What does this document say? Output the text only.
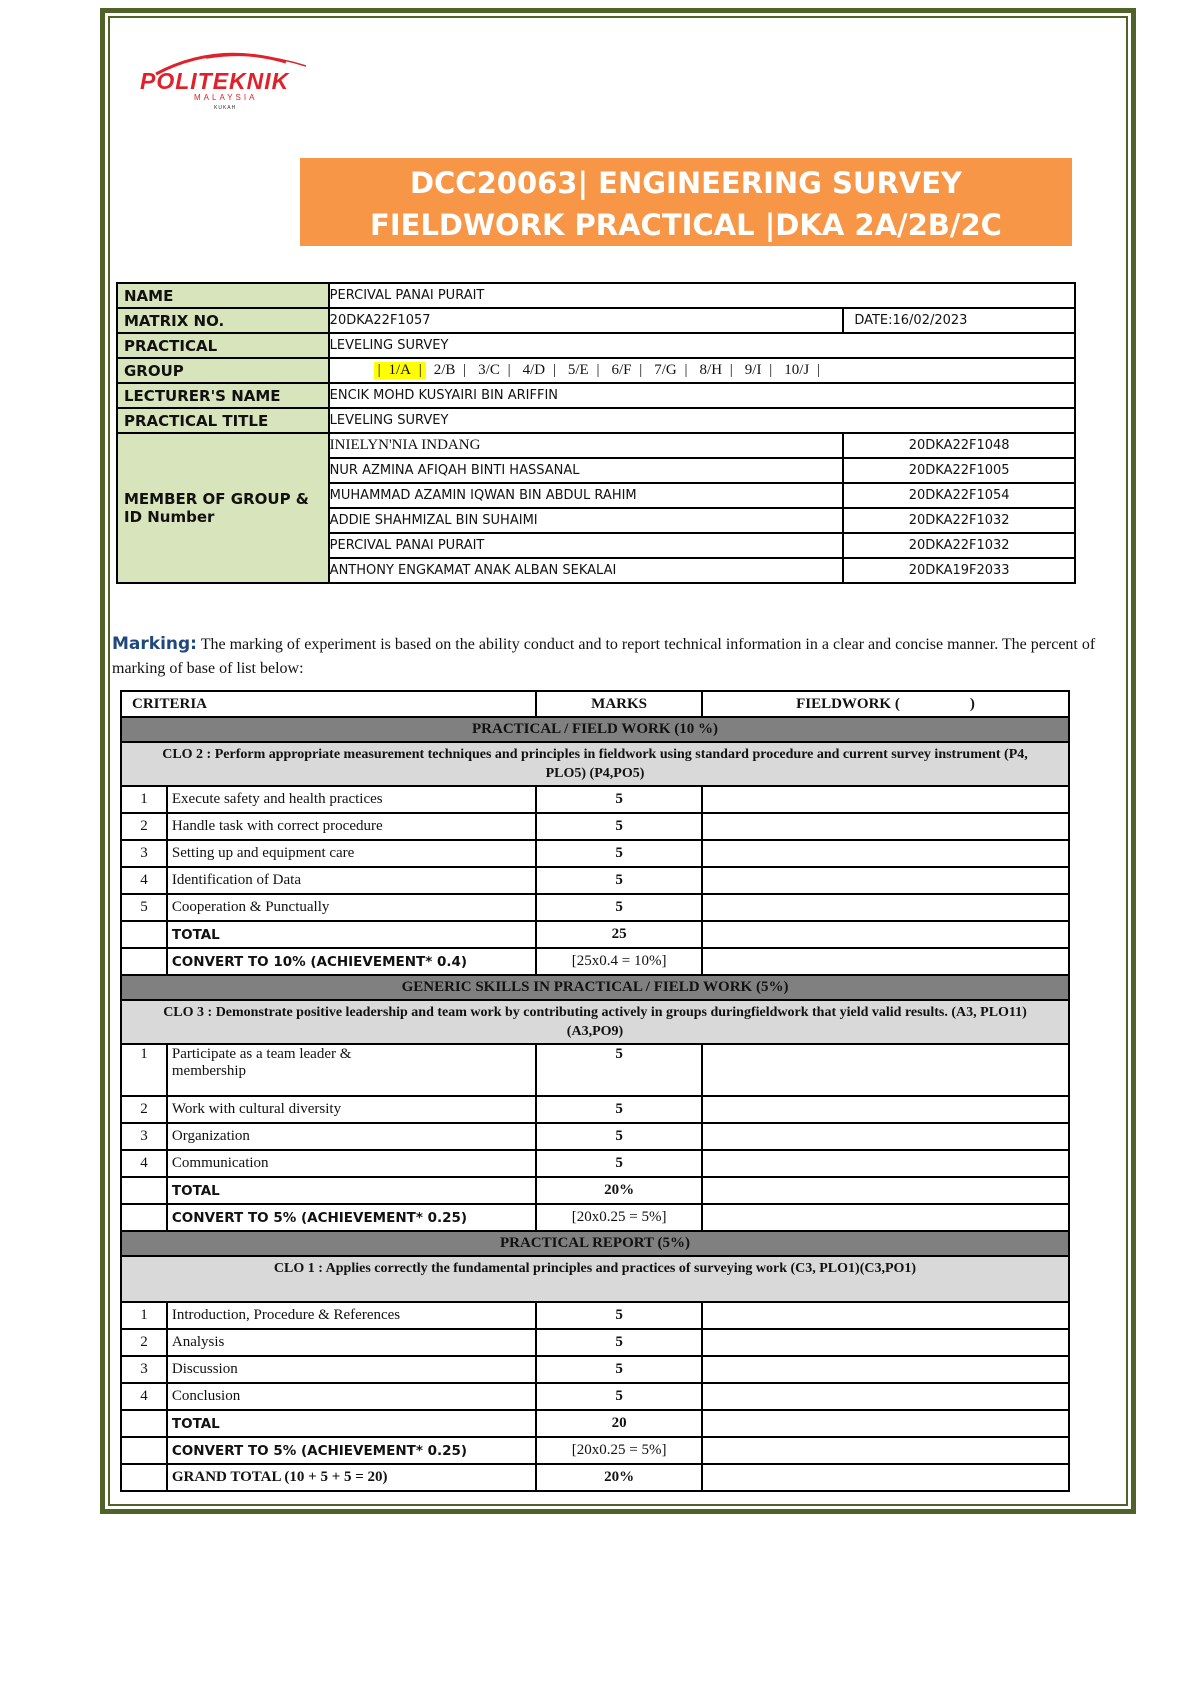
POLITEKNIK
MALAYSIA
KUKAH
DCC20063| ENGINEERING SURVEY
FIELDWORK PRACTICAL |DKA 2A/2B/2C
NAME	PERCIVAL PANAI PURAIT	
MATRIX NO.	20DKA22F1057	DATE:16/02/2023
PRACTICAL	LEVELING SURVEY	
GROUP	| 1/A | 2/B | 3/C | 4/D | 5/E | 6/F | 7/G | 8/H | 9/I | 10/J |	
LECTURER'S NAME	ENCIK MOHD KUSYAIRI BIN ARIFFIN	
PRACTICAL TITLE	LEVELING SURVEY	
MEMBER OF GROUP & ID Number	INIELYN'NIA INDANG	20DKA22F1048
	NUR AZMINA AFIQAH BINTI HASSANAL	20DKA22F1005
	MUHAMMAD AZAMIN IQWAN BIN ABDUL RAHIM	20DKA22F1054
	ADDIE SHAHMIZAL BIN SUHAIMI	20DKA22F1032
	PERCIVAL PANAI PURAIT	20DKA22F1032
	ANTHONY ENGKAMAT ANAK ALBAN SEKALAI	20DKA19F2033
Marking: The marking of experiment is based on the ability conduct and to report technical information in a clear and concise manner. The percent of marking of base of list below:
CRITERIA		MARKS	FIELDWORK ( )
PRACTICAL / FIELD WORK (10 %)			
CLO 2 : Perform appropriate measurement techniques and principles in fieldwork using standard procedure and current survey instrument (P4, PLO5) (P4,PO5)			
1	Execute safety and health practices	5	
2	Handle task with correct procedure	5	
3	Setting up and equipment care	5	
4	Identification of Data	5	
5	Cooperation & Punctually	5	
	TOTAL	25	
	CONVERT TO 10% (ACHIEVEMENT* 0.4)	[25x0.4 = 10%]	
GENERIC SKILLS IN PRACTICAL / FIELD WORK (5%)			
CLO 3 : Demonstrate positive leadership and team work by contributing actively in groups duringfieldwork that yield valid results. (A3, PLO11) (A3,PO9)			
1	Participate as a team leader & membership	5	
2	Work with cultural diversity	5	
3	Organization	5	
4	Communication	5	
	TOTAL	20%	
	CONVERT TO 5% (ACHIEVEMENT* 0.25)	[20x0.25 = 5%]	
PRACTICAL REPORT (5%)			
CLO 1 : Applies correctly the fundamental principles and practices of surveying work (C3, PLO1)(C3,PO1)			
1	Introduction, Procedure & References	5	
2	Analysis	5	
3	Discussion	5	
4	Conclusion	5	
	TOTAL	20	
	CONVERT TO 5% (ACHIEVEMENT* 0.25)	[20x0.25 = 5%]	
	GRAND TOTAL (10 + 5 + 5 = 20)	20%	
